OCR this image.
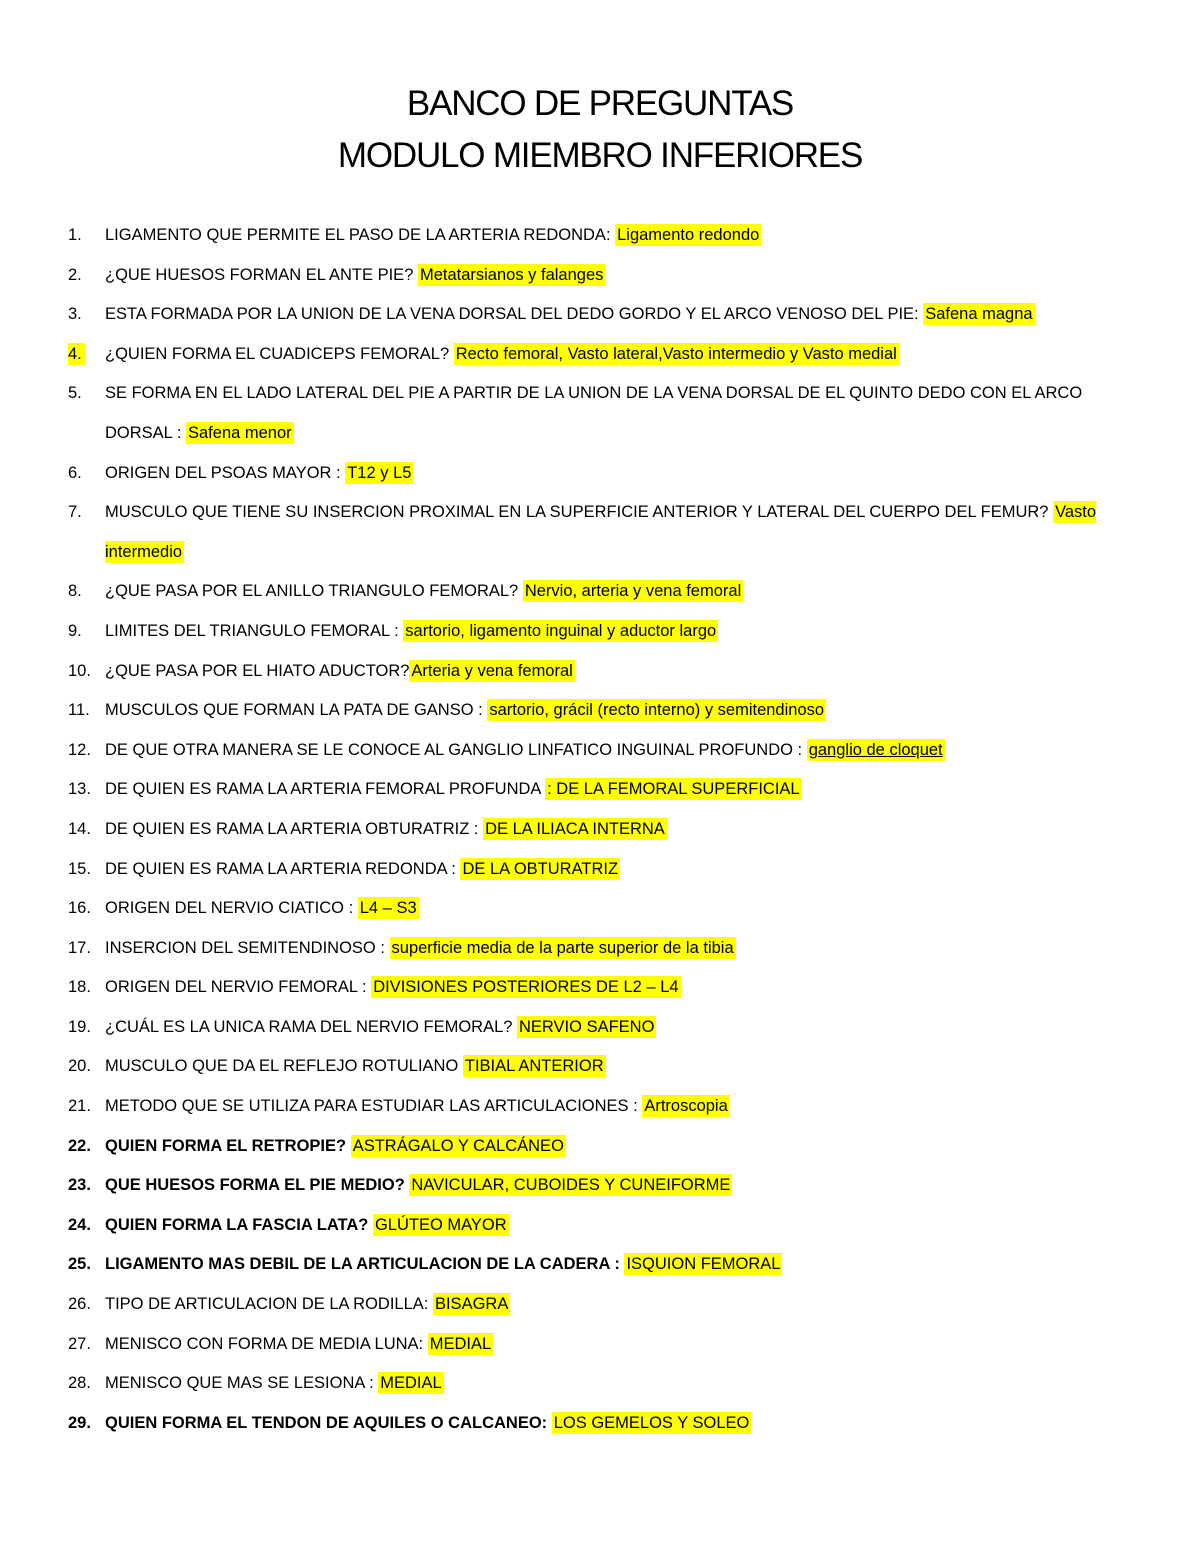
BANCO DE PREGUNTAS
MODULO MIEMBRO INFERIORES
1.	LIGAMENTO QUE PERMITE EL PASO DE LA ARTERIA REDONDA: Ligamento redondo
2.	¿QUE HUESOS FORMAN EL ANTE PIE? Metatarsianos y falanges
3.	ESTA FORMADA POR LA UNION DE LA VENA DORSAL DEL DEDO GORDO Y EL ARCO VENOSO DEL PIE: Safena magna
4.	¿QUIEN FORMA EL CUADICEPS FEMORAL? Recto femoral, Vasto lateral,Vasto intermedio y Vasto medial
5.	SE FORMA EN EL LADO LATERAL DEL PIE A PARTIR DE LA UNION DE LA VENA DORSAL DE EL QUINTO DEDO CON EL ARCO DORSAL : Safena menor
6.	ORIGEN DEL PSOAS MAYOR : T12 y L5
7.	MUSCULO QUE TIENE SU INSERCION PROXIMAL EN LA SUPERFICIE ANTERIOR Y LATERAL DEL CUERPO DEL FEMUR? Vasto intermedio
8.	¿QUE PASA POR EL ANILLO TRIANGULO FEMORAL? Nervio, arteria y vena femoral
9.	LIMITES DEL TRIANGULO FEMORAL : sartorio, ligamento inguinal y aductor largo
10. ¿QUE PASA POR EL HIATO ADUCTOR? Arteria y vena femoral
11. MUSCULOS QUE FORMAN LA PATA DE GANSO : sartorio, grácil (recto interno) y semitendinoso
12. DE QUE OTRA MANERA SE LE CONOCE AL GANGLIO LINFATICO INGUINAL PROFUNDO : ganglio de cloquet
13. DE QUIEN ES RAMA LA ARTERIA FEMORAL PROFUNDA : DE LA FEMORAL SUPERFICIAL
14. DE QUIEN ES RAMA LA ARTERIA OBTURATRIZ : DE LA ILIACA INTERNA
15. DE QUIEN ES RAMA LA ARTERIA REDONDA : DE LA OBTURATRIZ
16. ORIGEN DEL NERVIO CIATICO : L4 – S3
17. INSERCION DEL SEMITENDINOSO : superficie media de la parte superior de la tibia
18. ORIGEN DEL NERVIO FEMORAL : DIVISIONES POSTERIORES DE L2 – L4
19. ¿CUÁL ES LA UNICA RAMA DEL NERVIO FEMORAL? NERVIO SAFENO
20. MUSCULO QUE DA EL REFLEJO ROTULIANO TIBIAL ANTERIOR
21. METODO QUE SE UTILIZA PARA ESTUDIAR LAS ARTICULACIONES : Artroscopia
22. QUIEN FORMA EL RETROPIE? ASTRÁGALO Y CALCÁNEO
23. QUE HUESOS FORMA EL PIE MEDIO? NAVICULAR, CUBOIDES Y CUNEIFORME
24. QUIEN FORMA LA FASCIA LATA? GLÚTEO MAYOR
25. LIGAMENTO MAS DEBIL DE LA ARTICULACION DE LA CADERA : ISQUION FEMORAL
26. TIPO DE ARTICULACION DE LA RODILLA: BISAGRA
27. MENISCO CON FORMA DE MEDIA LUNA: MEDIAL
28. MENISCO QUE MAS SE LESIONA : MEDIAL
29. QUIEN FORMA EL TENDON DE AQUILES O CALCANEO: LOS GEMELOS Y SOLEO
